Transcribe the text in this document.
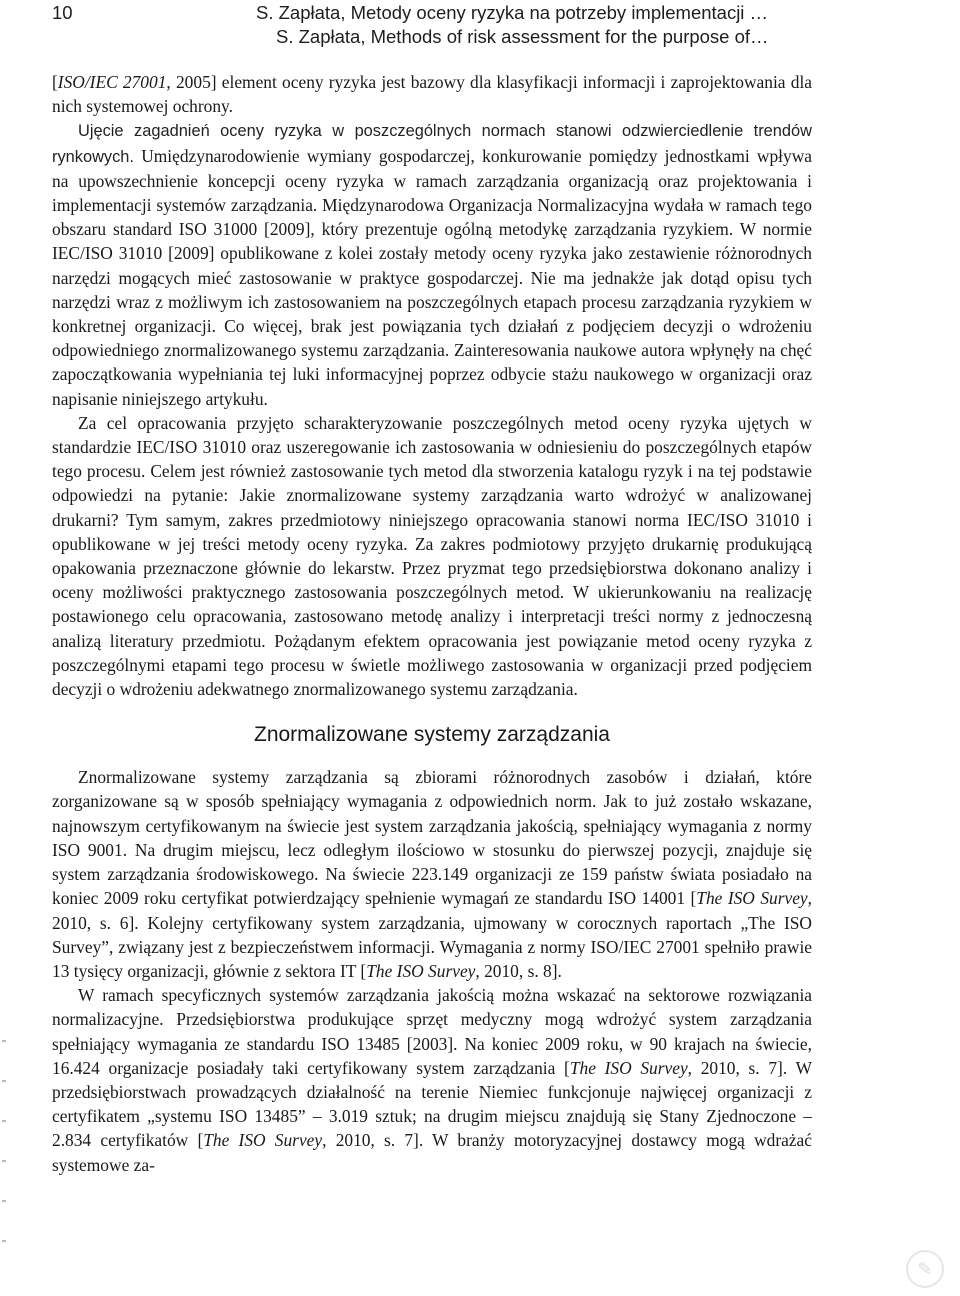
10	S. Zapłata, Metody oceny ryzyka na potrzeby implementacji …
S. Zapłata, Methods of risk assessment for the purpose of…

[ISO/IEC 27001, 2005] element oceny ryzyka jest bazowy dla klasyfikacji informacji i zaprojektowania dla nich systemowej ochrony.

Ujęcie zagadnień oceny ryzyka w poszczególnych normach stanowi odzwierciedlenie trendów rynkowych. Umiędzynarodowienie wymiany gospodarczej, konkurowanie pomiędzy jednostkami wpływa na upowszechnienie koncepcji oceny ryzyka w ramach zarządzania organizacją oraz projektowania i implementacji systemów zarządzania. Międzynarodowa Organizacja Normalizacyjna wydała w ramach tego obszaru standard ISO 31000 [2009], który prezentuje ogólną metodykę zarządzania ryzykiem. W normie IEC/ISO 31010 [2009] opublikowane z kolei zostały metody oceny ryzyka jako zestawienie różnorodnych narzędzi mogących mieć zastosowanie w praktyce gospodarczej. Nie ma jednakże jak dotąd opisu tych narzędzi wraz z możliwym ich zastosowaniem na poszczególnych etapach procesu zarządzania ryzykiem w konkretnej organizacji. Co więcej, brak jest powiązania tych działań z podjęciem decyzji o wdrożeniu odpowiedniego znormalizowanego systemu zarządzania. Zainteresowania naukowe autora wpłynęły na chęć zapoczątkowania wypełniania tej luki informacyjnej poprzez odbycie stażu naukowego w organizacji oraz napisanie niniejszego artykułu.

Za cel opracowania przyjęto scharakteryzowanie poszczególnych metod oceny ryzyka ujętych w standardzie IEC/ISO 31010 oraz uszeregowanie ich zastosowania w odniesieniu do poszczególnych etapów tego procesu. Celem jest również zastosowanie tych metod dla stworzenia katalogu ryzyk i na tej podstawie odpowiedzi na pytanie: Jakie znormalizowane systemy zarządzania warto wdrożyć w analizowanej drukarni? Tym samym, zakres przedmiotowy niniejszego opracowania stanowi norma IEC/ISO 31010 i opublikowane w jej treści metody oceny ryzyka. Za zakres podmiotowy przyjęto drukarnię produkującą opakowania przeznaczone głównie do lekarstw. Przez pryzmat tego przedsiębiorstwa dokonano analizy i oceny możliwości praktycznego zastosowania poszczególnych metod. W ukierunkowaniu na realizację postawionego celu opracowania, zastosowano metodę analizy i interpretacji treści normy z jednoczesną analizą literatury przedmiotu. Pożądanym efektem opracowania jest powiązanie metod oceny ryzyka z poszczególnymi etapami tego procesu w świetle możliwego zastosowania w organizacji przed podjęciem decyzji o wdrożeniu adekwatnego znormalizowanego systemu zarządzania.

Znormalizowane systemy zarządzania

Znormalizowane systemy zarządzania są zbiorami różnorodnych zasobów i działań, które zorganizowane są w sposób spełniający wymagania z odpowiednich norm. Jak to już zostało wskazane, najnowszym certyfikowanym na świecie jest system zarządzania jakością, spełniający wymagania z normy ISO 9001. Na drugim miejscu, lecz odległym ilościowo w stosunku do pierwszej pozycji, znajduje się system zarządzania środowiskowego. Na świecie 223.149 organizacji ze 159 państw świata posiadało na koniec 2009 roku certyfikat potwierdzający spełnienie wymagań ze standardu ISO 14001 [The ISO Survey, 2010, s. 6]. Kolejny certyfikowany system zarządzania, ujmowany w corocznych raportach „The ISO Survey”, związany jest z bezpieczeństwem informacji. Wymagania z normy ISO/IEC 27001 spełniło prawie 13 tysięcy organizacji, głównie z sektora IT [The ISO Survey, 2010, s. 8].

W ramach specyficznych systemów zarządzania jakością można wskazać na sektorowe rozwiązania normalizacyjne. Przedsiębiorstwa produkujące sprzęt medyczny mogą wdrożyć system zarządzania spełniający wymagania ze standardu ISO 13485 [2003]. Na koniec 2009 roku, w 90 krajach na świecie, 16.424 organizacje posiadały taki certyfikowany system zarządzania [The ISO Survey, 2010, s. 7]. W przedsiębiorstwach prowadzących działalność na terenie Niemiec funkcjonuje najwięcej organizacji z certyfikatem „systemu ISO 13485” – 3.019 sztuk; na drugim miejscu znajdują się Stany Zjednoczone – 2.834 certyfikatów [The ISO Survey, 2010, s. 7]. W branży motoryzacyjnej dostawcy mogą wdrażać systemowe za-

✎
